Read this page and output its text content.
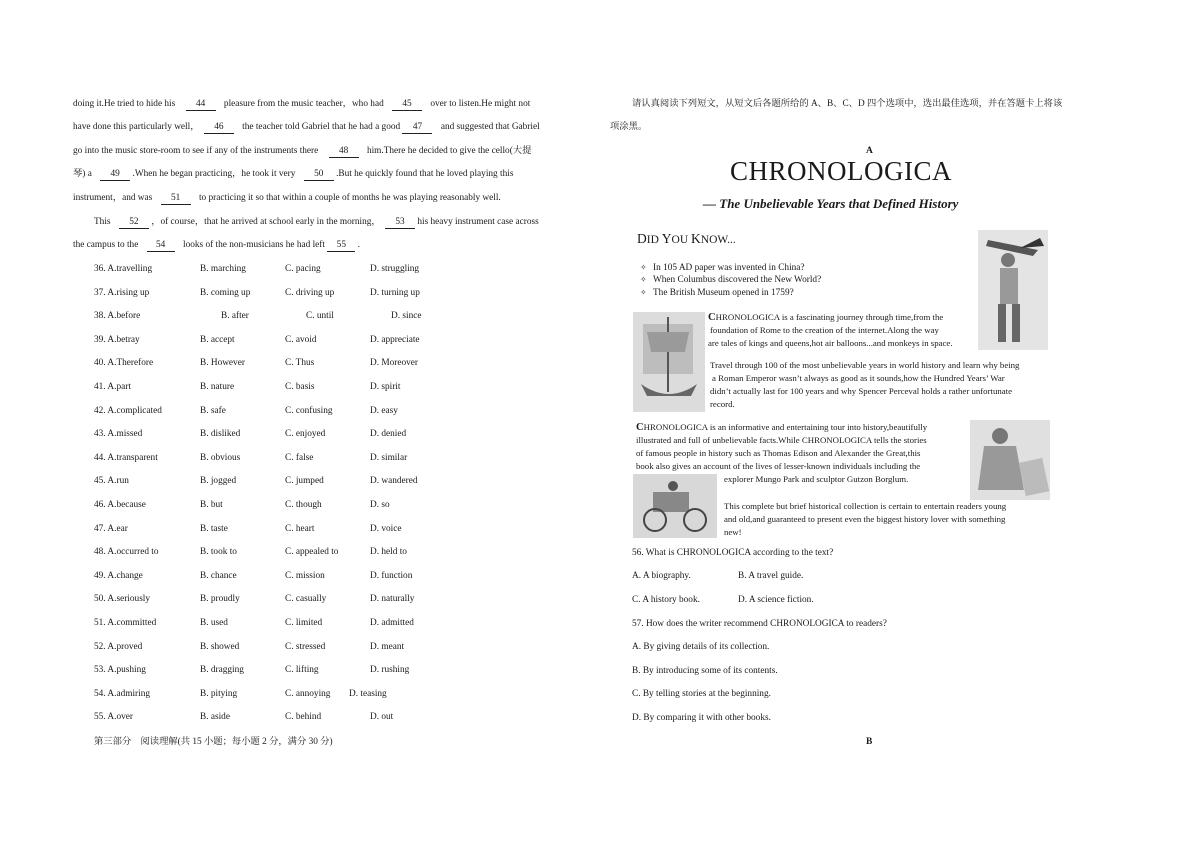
doing it.He tried to hide his 44 pleasure from the music teacher，who had 45 over to listen.He might not
have done this particularly well， 46 the teacher told Gabriel that he had a good 47 and suggested that Gabriel
go into the music store-room to see if any of the instruments there 48 him.There he decided to give the cello(大提
琴) a 49 .When he began practicing，he took it very 50 .But he quickly found that he loved playing this
instrument，and was 51 to practicing it so that within a couple of months he was playing reasonably well.
This 52 ，of course，that he arrived at school early in the morning， 53 his heavy instrument case across
the campus to the 54 looks of the non-musicians he had left 55 .
36. A.travelling	B. marching	C. pacing	D. struggling
37. A.rising up	B. coming up	C. driving up	D. turning up
38. A.before	B. after	C. until	D. since
39. A.betray	B. accept	C. avoid	D. appreciate
40. A.Therefore	B. However	C. Thus	D. Moreover
41. A.part	B. nature	C. basis	D. spirit
42. A.complicated	B. safe	C. confusing	D. easy
43. A.missed	B. disliked	C. enjoyed	D. denied
44. A.transparent	B. obvious	C. false	D. similar
45. A.run	B. jogged	C. jumped	D. wandered
46. A.because	B. but	C. though	D. so
47. A.ear	B. taste	C. heart	D. voice
48. A.occurred to	B. took to	C. appealed to	D. held to
49. A.change	B. chance	C. mission	D. function
50. A.seriously	B. proudly	C. casually	D. naturally
51. A.committed	B. used	C. limited	D. admitted
52. A.proved	B. showed	C. stressed	D. meant
53. A.pushing	B. dragging	C. lifting	D. rushing
54. A.admiring	B. pitying	C. annoying D. teasing
55. A.over	B. aside	C. behind	D. out
第三部分　阅读理解(共 15 小题；每小题 2 分，满分 30 分)
请认真阅读下列短文，从短文后各题所给的 A、B、C、D 四个选项中，选出最佳选项，并在答题卡上将该
项涂黑。
A
CHRONOLOGICA
— The Unbelievable Years that Defined History
DID YOU KNOW...
✧ In 105 AD paper was invented in China?
✧ When Columbus discovered the New World?
✧ The British Museum opened in 1759?
CHRONOLOGICA is a fascinating journey through time,from the
foundation of Rome to the creation of the internet.Along the way
are tales of kings and queens,hot air balloons...and monkeys in space.
Travel through 100 of the most unbelievable years in world history and learn why being
a Roman Emperor wasn’t always as good as it sounds,how the Hundred Years’ War
didn’t actually last for 100 years and why Spencer Perceval holds a rather unfortunate
record.
CHRONOLOGICA is an informative and entertaining tour into history,beautifully
illustrated and full of unbelievable facts.While CHRONOLOGICA tells the stories
of famous people in history such as Thomas Edison and Alexander the Great,this
book also gives an account of the lives of lesser-known individuals including the
explorer Mungo Park and sculptor Gutzon Borglum.
This complete but brief historical collection is certain to entertain readers young
and old,and guaranteed to present even the biggest history lover with something
new!
56. What is CHRONOLOGICA according to the text?
A. A biography.	B. A travel guide.
C. A history book.	D. A science fiction.
57. How does the writer recommend CHRONOLOGICA to readers?
A. By giving details of its collection.
B. By introducing some of its contents.
C. By telling stories at the beginning.
D. By comparing it with other books.
B
